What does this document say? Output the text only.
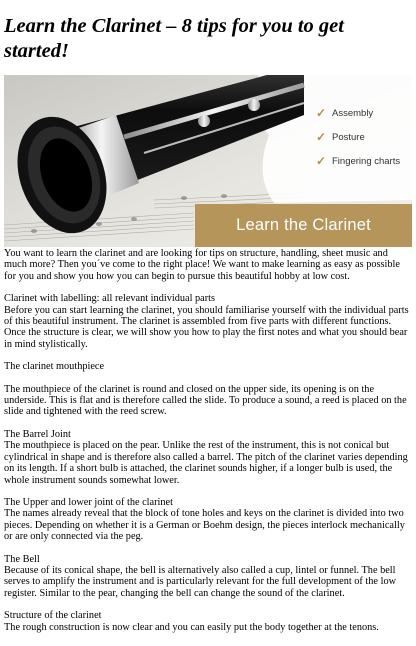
Learn the Clarinet – 8 tips for you to get started!
✓ Assembly
✓ Posture
✓ Fingering charts
Learn the Clarinet

You want to learn the clarinet and are looking for tips on structure, handling, sheet music and much more? Then you´ve come to the right place! We want to make learning as easy as possible for you and show you how you can begin to pursue this beautiful hobby at low cost.

Clarinet with labelling: all relevant individual parts
Before you can start learning the clarinet, you should familiarise yourself with the individual parts of this beautiful instrument. The clarinet is assembled from five parts with different functions. Once the structure is clear, we will show you how to play the first notes and what you should bear in mind stylistically.

The clarinet mouthpiece

The mouthpiece of the clarinet is round and closed on the upper side, its opening is on the underside. This is flat and is therefore called the slide. To produce a sound, a reed is placed on the slide and tightened with the reed screw.

The Barrel Joint
The mouthpiece is placed on the pear. Unlike the rest of the instrument, this is not conical but cylindrical in shape and is therefore also called a barrel. The pitch of the clarinet varies depending on its length. If a short bulb is attached, the clarinet sounds higher, if a longer bulb is used, the whole instrument sounds somewhat lower.

The Upper and lower joint of the clarinet
The names already reveal that the block of tone holes and keys on the clarinet is divided into two pieces. Depending on whether it is a German or Boehm design, the pieces interlock mechanically or are only connected via the peg.

The Bell
Because of its conical shape, the bell is alternatively also called a cup, lintel or funnel. The bell serves to amplify the instrument and is particularly relevant for the full development of the low register. Similar to the pear, changing the bell can change the sound of the clarinet.

Structure of the clarinet
The rough construction is now clear and you can easily put the body together at the tenons.
